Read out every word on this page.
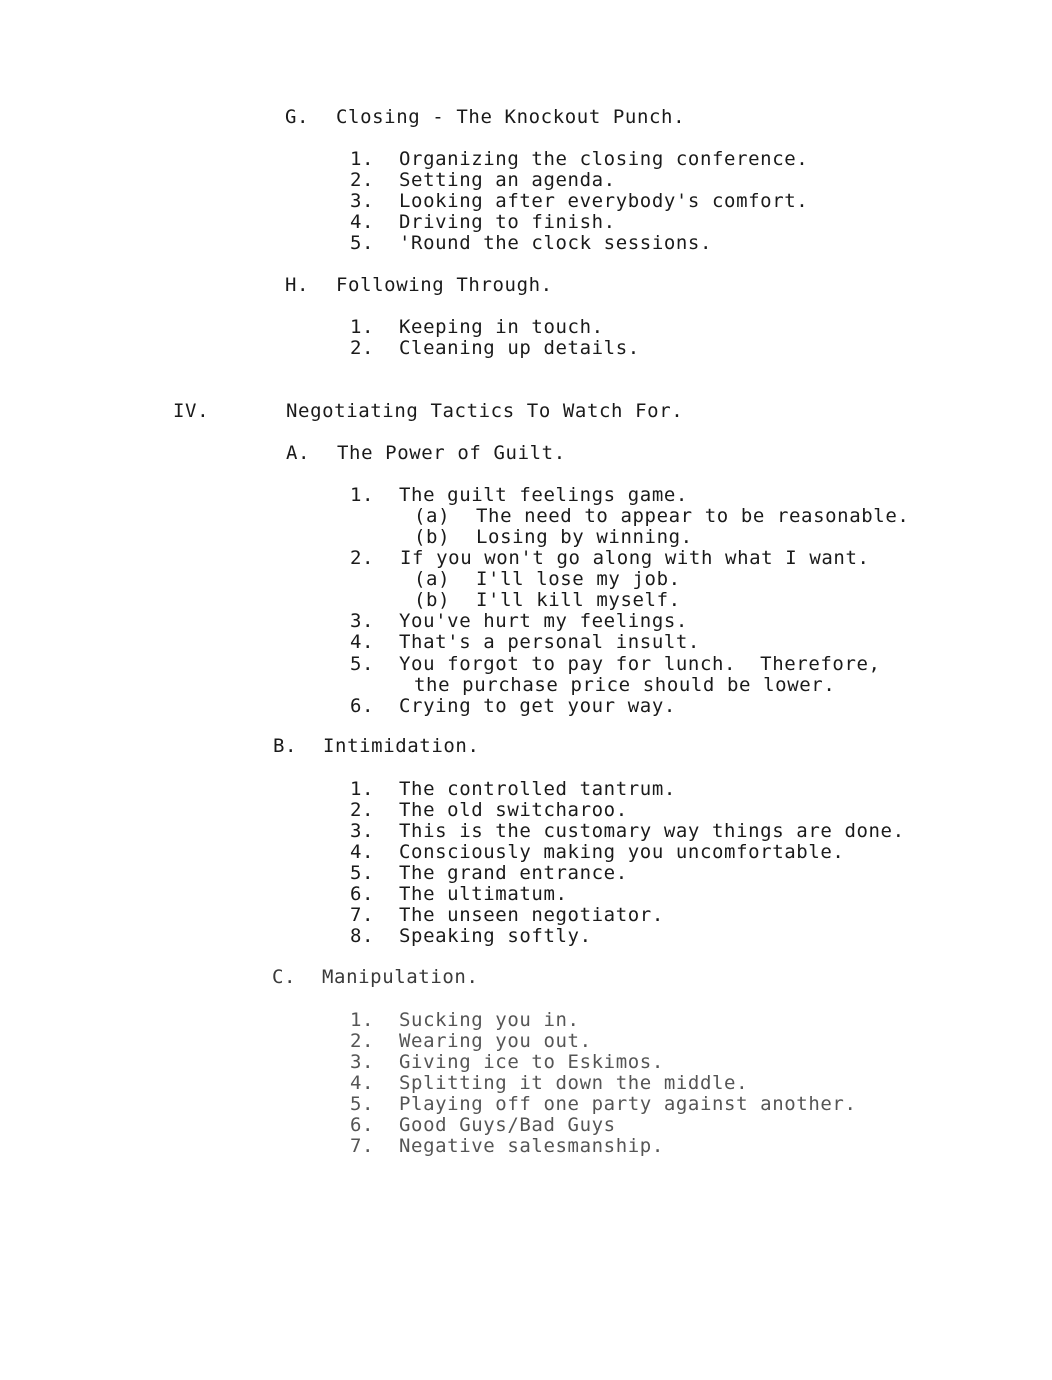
G. Closing - The Knockout Punch.
1. Organizing the closing conference.
2. Setting an agenda.
3. Looking after everybody's comfort.
4. Driving to finish.
5. 'Round the clock sessions.
H. Following Through.
1. Keeping in touch.
2. Cleaning up details.
IV.	Negotiating Tactics To Watch For.
A. The Power of Guilt.
1. The guilt feelings game.
(a) The need to appear to be reasonable.
(b) Losing by winning.
2. If you won't go along with what I want.
(a) I'll lose my job.
(b) I'll kill myself.
3. You've hurt my feelings.
4. That's a personal insult.
5. You forgot to pay for lunch.  Therefore,
the purchase price should be lower.
6. Crying to get your way.
B. Intimidation.
1. The controlled tantrum.
2. The old switcharoo.
3. This is the customary way things are done.
4. Consciously making you uncomfortable.
5. The grand entrance.
6. The ultimatum.
7. The unseen negotiator.
8. Speaking softly.
C. Manipulation.
1. Sucking you in.
2. Wearing you out.
3. Giving ice to Eskimos.
4. Splitting it down the middle.
5. Playing off one party against another.
6. Good Guys/Bad Guys
7. Negative salesmanship.
